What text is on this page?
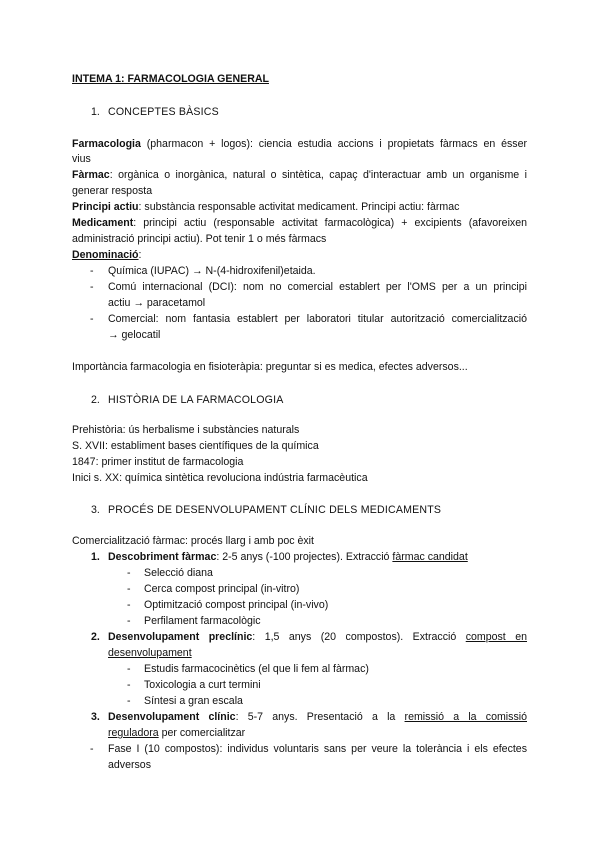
INTEMA 1: FARMACOLOGIA GENERAL
1. CONCEPTES BÀSICS
Farmacologia (pharmacon + logos): ciencia estudia accions i propietats fàrmacs en ésser
vius
Fàrmac: orgànica o inorgànica, natural o sintètica, capaç d'interactuar amb un organisme i
generar resposta
Principi actiu: substància responsable activitat medicament. Principi actiu: fàrmac
Medicament: principi actiu (responsable activitat farmacològica) + excipients (afavoreixen
administració principi actiu). Pot tenir 1 o més fàrmacs
Denominació:
- Química (IUPAC) → N-(4-hidroxifenil)etaida.
- Comú internacional (DCI): nom no comercial establert per l'OMS per a un principi
actiu → paracetamol
- Comercial: nom fantasia establert per laboratori titular autorització comercialització
→ gelocatil
Importància farmacologia en fisioteràpia: preguntar si es medica, efectes adversos...
2. HISTÒRIA DE LA FARMACOLOGIA
Prehistòria: ús herbalisme i substàncies naturals
S. XVII: establiment bases científiques de la química
1847: primer institut de farmacologia
Inici s. XX: química sintètica revoluciona indústria farmacèutica
3. PROCÉS DE DESENVOLUPAMENT CLÍNIC DELS MEDICAMENTS
Comercialització fàrmac: procés llarg i amb poc èxit
1. Descobriment fàrmac: 2-5 anys (-100 projectes). Extracció fàrmac candidat
- Selecció diana
- Cerca compost principal (in-vitro)
- Optimització compost principal (in-vivo)
- Perfilament farmacològic
2. Desenvolupament preclínic: 1,5 anys (20 compostos). Extracció compost en
desenvolupament
- Estudis farmacocinètics (el que li fem al fàrmac)
- Toxicologia a curt termini
- Síntesi a gran escala
3. Desenvolupament clínic: 5-7 anys. Presentació a la remissió a la comissió
reguladora per comercialitzar
- Fase I (10 compostos): individus voluntaris sans per veure la tolerància i els efectes
adversos
